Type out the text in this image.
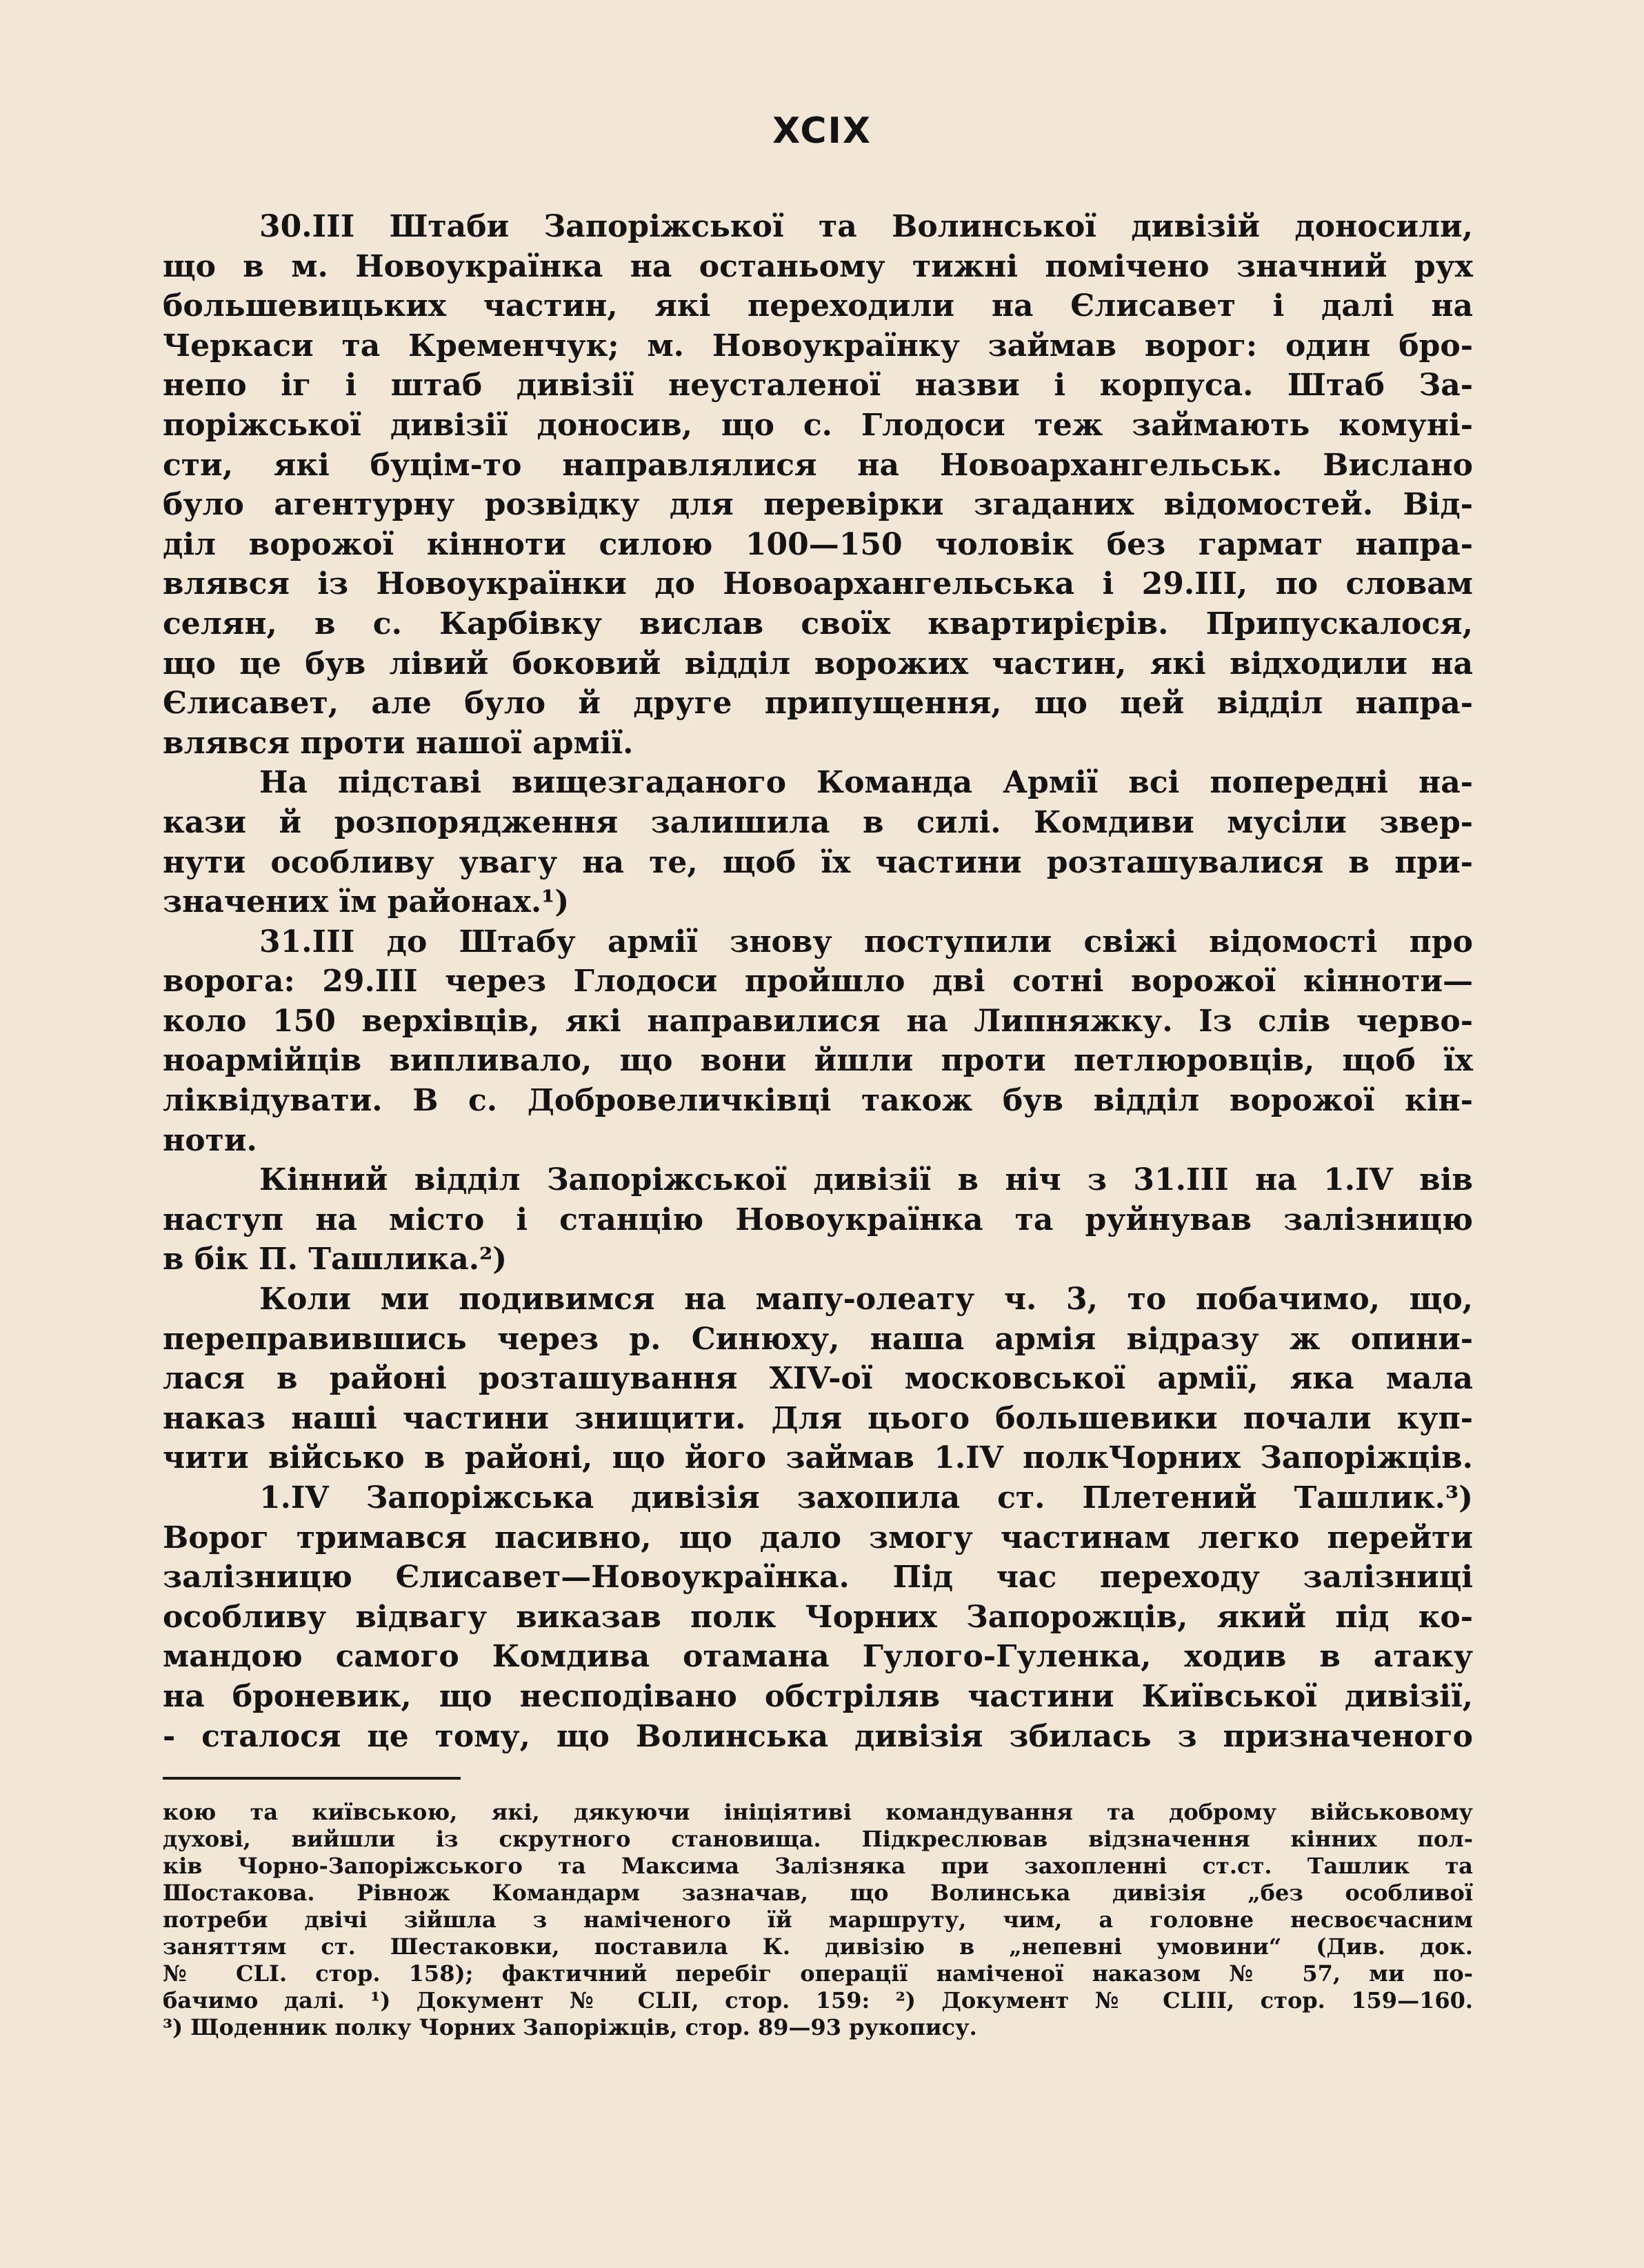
XCIX
30.III Штаби Запоріжської та Волинської дивізій доносили,
що в м. Новоукраїнка на останьому тижні помічено значний рух
большевицьких частин, які переходили на Єлисавет і далі на
Черкаси та Кременчук; м. Новоукраїнку займав ворог: один бро-
непо іг і штаб дивізії неусталеної назви і корпуса. Штаб За-
поріжської дивізії доносив, що с. Глодоси теж займають комуні-
сти, які буцім-то направлялися на Новоархангельськ. Вислано
було агентурну розвідку для перевірки згаданих відомостей. Від-
діл ворожої кінноти силою 100—150 чоловік без гармат напра-
влявся із Новоукраїнки до Новоархангельська і 29.III, по словам
селян, в с. Карбівку вислав своїх квартирієрів. Припускалося,
що це був лівий боковий відділ ворожих частин, які відходили на
Єлисавет, але було й друге припущення, що цей відділ напра-
влявся проти нашої армії.
На підставі вищезгаданого Команда Армії всі попередні на-
кази й розпорядження залишила в силі. Комдиви мусіли звер-
нути особливу увагу на те, щоб їх частини розташувалися в при-
значених їм районах.¹)
31.III до Штабу армії знову поступили свіжі відомості про
ворога: 29.III через Глодоси пройшло дві сотні ворожої кінноти—
коло 150 верхівців, які направилися на Липняжку. Із слів черво-
ноармійців випливало, що вони йшли проти петлюровців, щоб їх
ліквідувати. В с. Добровеличківці також був відділ ворожої кін-
ноти.
Кінний відділ Запоріжської дивізії в ніч з 31.III на 1.IV вів
наступ на місто і станцію Новоукраїнка та руйнував залізницю
в бік П. Ташлика.²)
Коли ми подивимся на мапу-олеату ч. 3, то побачимо, що,
переправившись через р. Синюху, наша армія відразу ж опини-
лася в районі розташування XIV-ої московської армії, яка мала
наказ наші частини знищити. Для цього большевики почали куп-
чити військо в районі, що його займав 1.IV полкЧорних Запоріжців.
1.IV Запоріжська дивізія захопила ст. Плетений Ташлик.³)
Ворог тримався пасивно, що дало змогу частинам легко перейти
залізницю Єлисавет—Новоукраїнка. Під час переходу залізниці
особливу відвагу виказав полк Чорних Запорожців, який під ко-
мандою самого Комдива отамана Гулого-Гуленка, ходив в атаку
на броневик, що несподівано обстріляв частини Київської дивізії,
- сталося це тому, що Волинська дивізія збилась з призначеного
кою та київською, які, дякуючи ініціятиві командування та доброму військовому
духові, вийшли із скрутного становища. Підкреслював відзначення кінних пол-
ків Чорно-Запоріжського та Максима Залізняка при захопленні ст.ст. Ташлик та
Шостакова. Рівнож Командарм зазначав, що Волинська дивізія „без особливої
потреби двічі зійшла з наміченого їй маршруту, чим, а головне несвоєчасним
заняттям ст. Шестаковки, поставила К. дивізію в „непевні умовини“ (Див. док.
№ CLI. стор. 158); фактичний перебіг операції наміченої наказом № 57, ми по-
бачимо далі. ¹) Документ № CLII, стор. 159: ²) Документ № CLIII, стор. 159—160.
³) Щоденник полку Чорних Запоріжців, стор. 89—93 рукопису.
